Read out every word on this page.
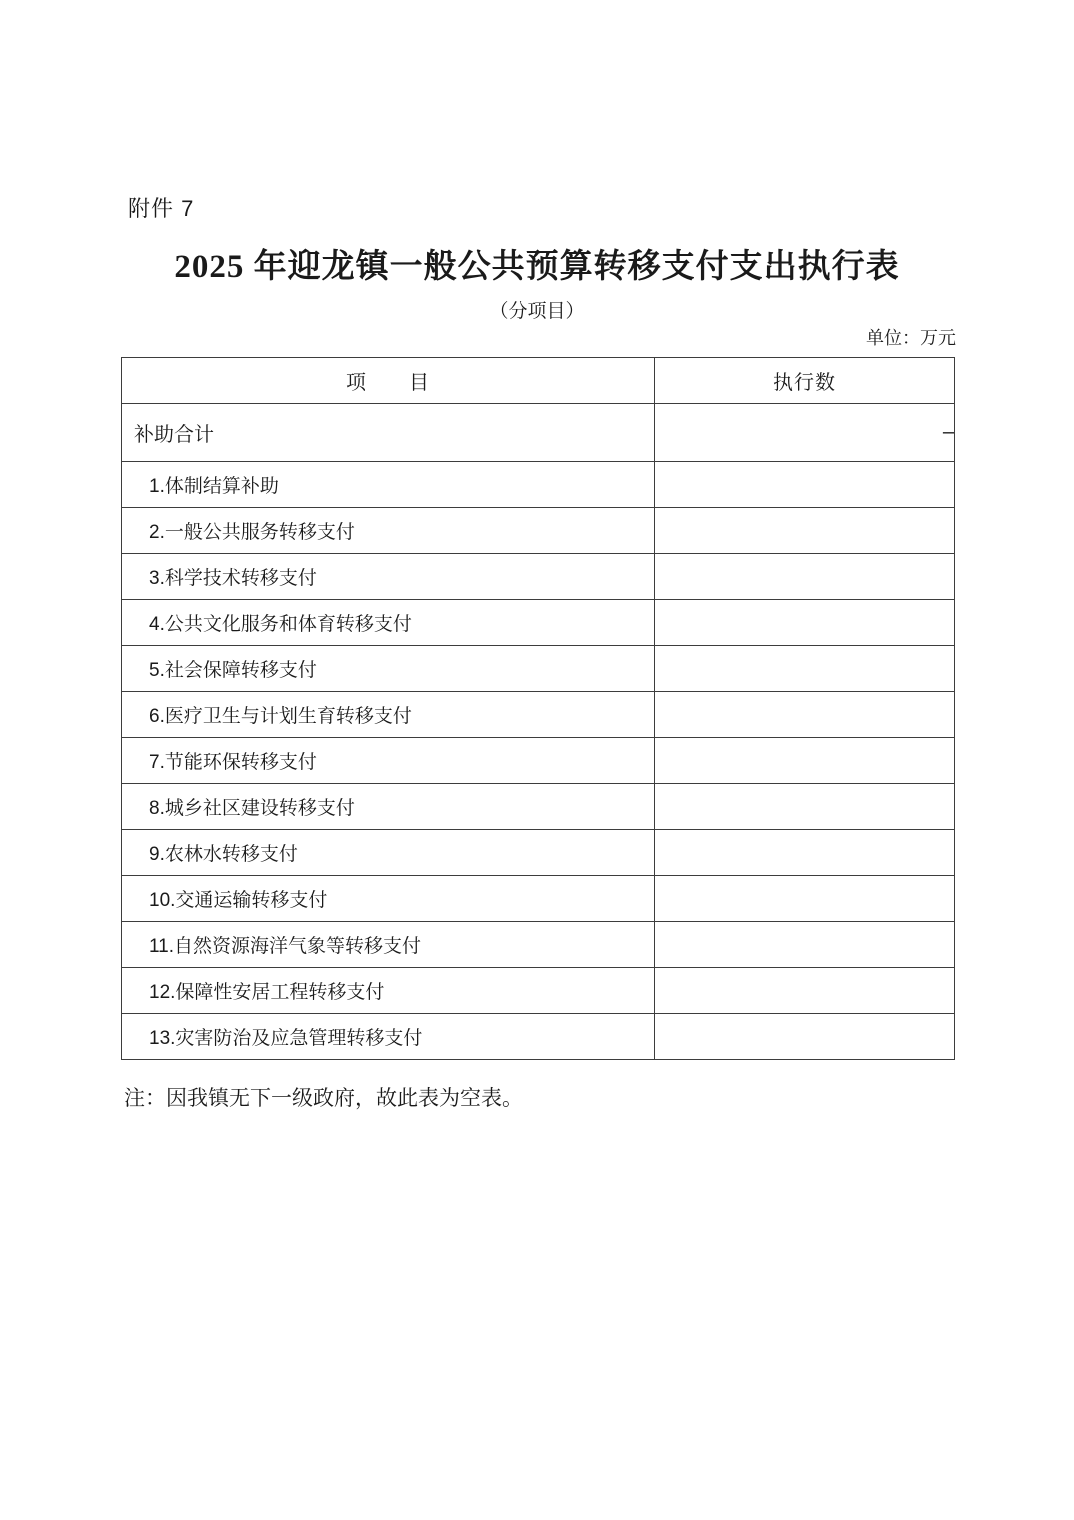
附件 7
2025 年迎龙镇一般公共预算转移支付支出执行表
（分项目）
单位：万元
项　　目	执行数
补助合计	–
1.体制结算补助	
2.一般公共服务转移支付	
3.科学技术转移支付	
4.公共文化服务和体育转移支付	
5.社会保障转移支付	
6.医疗卫生与计划生育转移支付	
7.节能环保转移支付	
8.城乡社区建设转移支付	
9.农林水转移支付	
10.交通运输转移支付	
11.自然资源海洋气象等转移支付	
12.保障性安居工程转移支付	
13.灾害防治及应急管理转移支付	
注：因我镇无下一级政府，故此表为空表。
